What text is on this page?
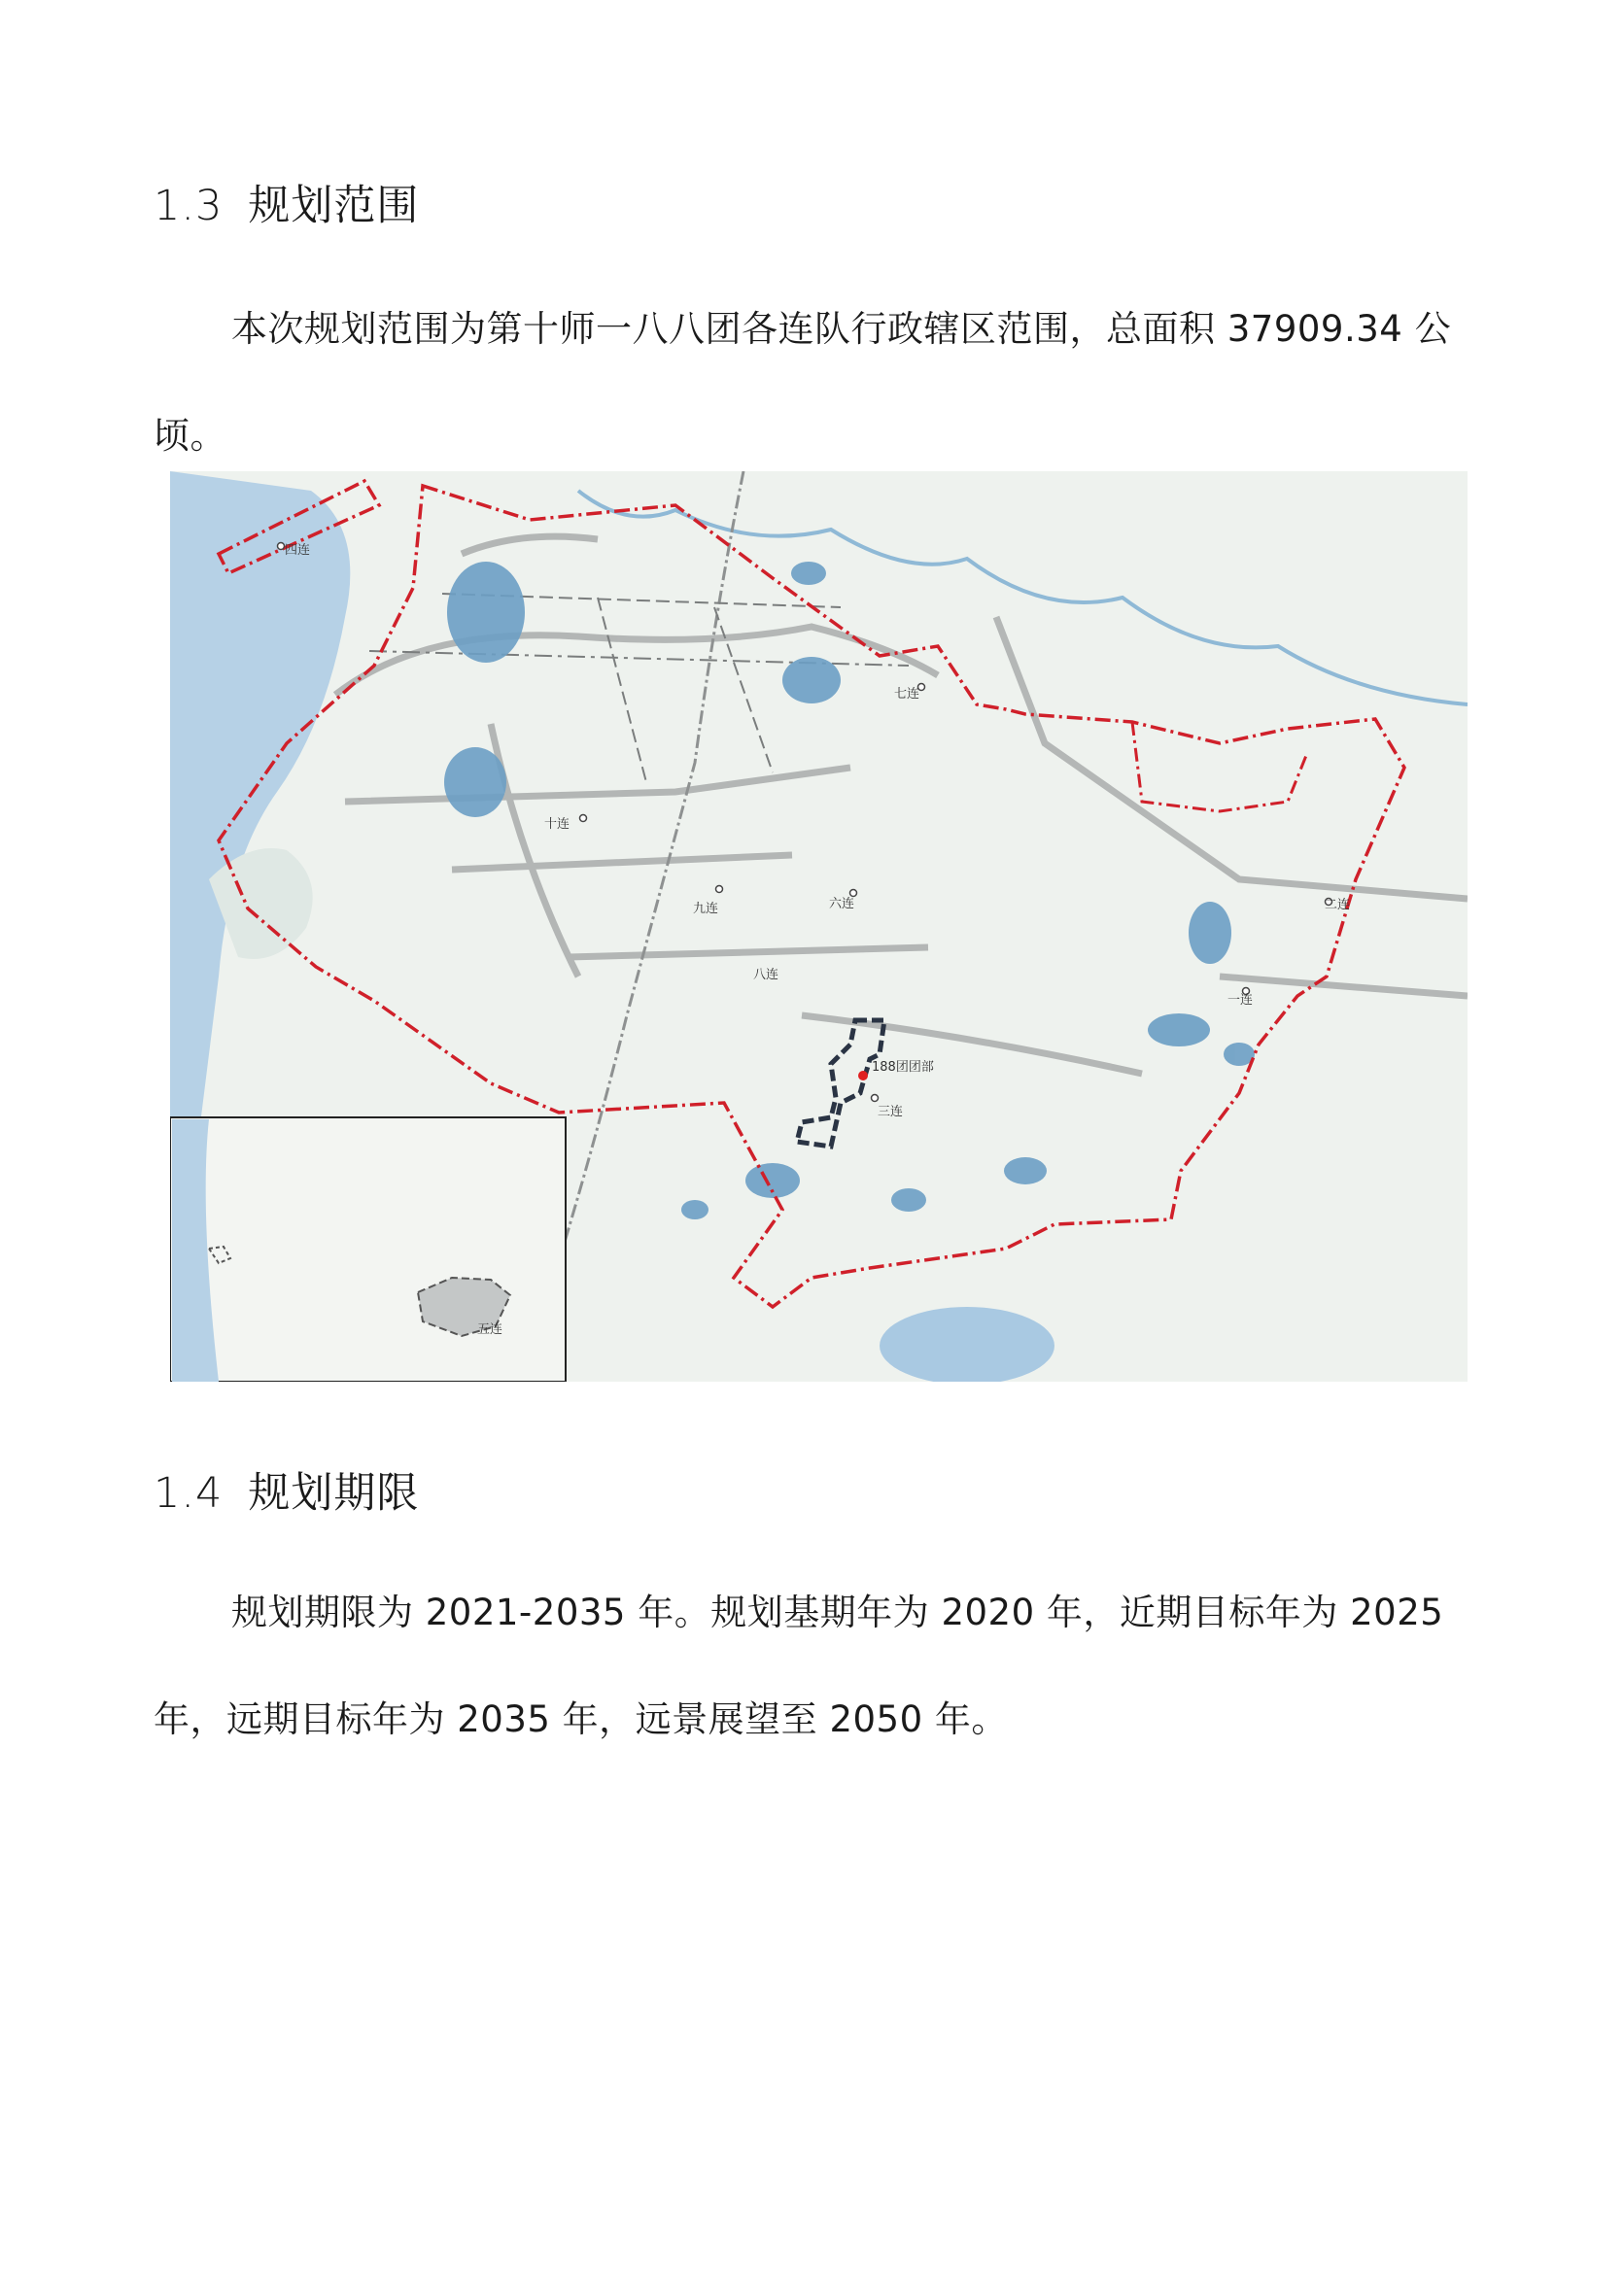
1.3 规划范围
本次规划范围为第十师一八八团各连队行政辖区范围，总面积 37909.34 公顷。
四连
七连
十连
九连	六连
八连
二连
一连
188团团部
三连
五连
1.4 规划期限
规划期限为 2021-2035 年。规划基期年为 2020 年，近期目标年为 2025 年，远期目标年为 2035 年，远景展望至 2050 年。
